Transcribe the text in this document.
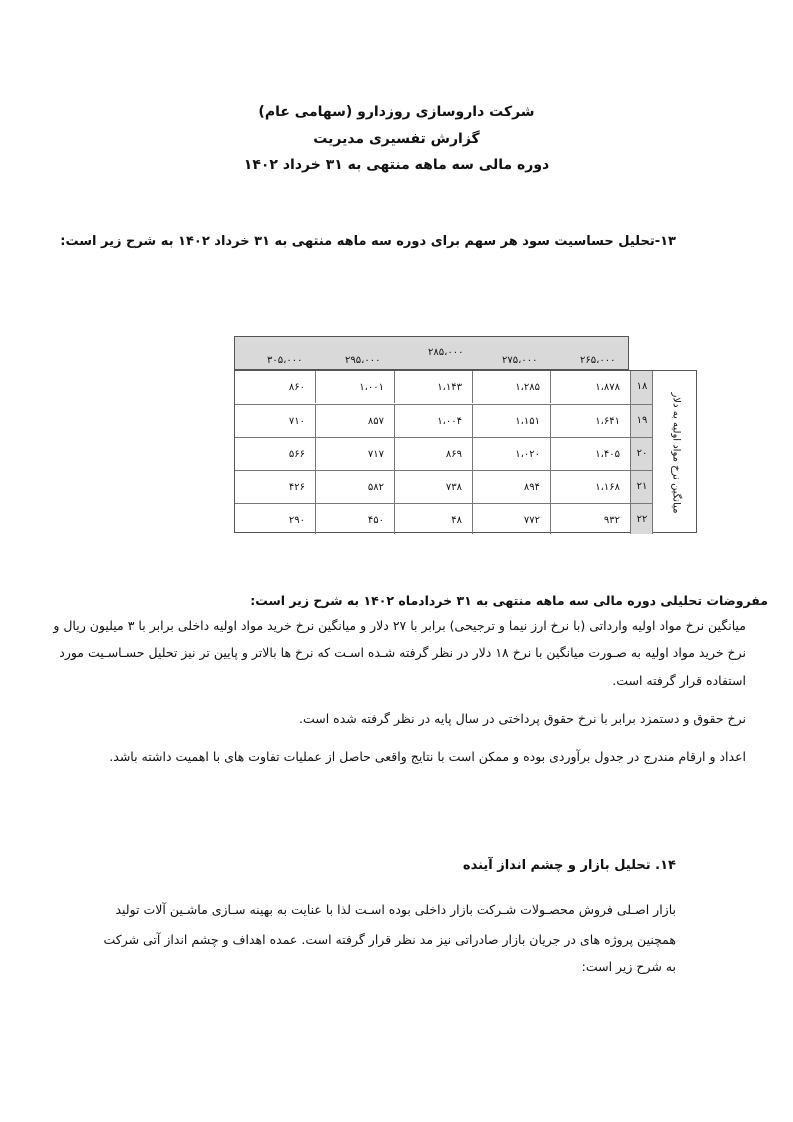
شرکت داروسازی روزدارو (سهامی عام)
گزارش تفسیری مدیریت
دوره مالی سه ماهه منتهی به ۳۱ خرداد ۱۴۰۲
۱۳-تحلیل حساسیت سود هر سهم برای دوره سه ماهه منتهی به ۳۱ خرداد ۱۴۰۲ به شرح زیر است:
۲۶۵،۰۰۰
۲۷۵،۰۰۰
۲۸۵،۰۰۰
۲۹۵،۰۰۰
۳۰۵،۰۰۰
۱،۸۷۸
۱،۲۸۵
۱،۱۴۳
۱،۰۰۱
۸۶۰
۱،۶۴۱
۱،۱۵۱
۱،۰۰۴
۸۵۷
۷۱۰
۱،۴۰۵
۱،۰۲۰
۸۶۹
۷۱۷
۵۶۶
۱،۱۶۸
۸۹۴
۷۳۸
۵۸۲
۴۲۶
۹۳۲
۷۷۲
۴۸
۴۵۰
۲۹۰
۱۸
۱۹
۲۰
۲۱
۲۲
میانگین نرخ مواد اولیه به دلار
مفروضات تحلیلی دوره مالی سه ماهه منتهی به ۳۱ خردادماه ۱۴۰۲ به شرح زیر است:
میانگین نرخ مواد اولیه وارداتی (با نرخ ارز نیما و ترجیحی) برابر با ۲۷ دلار و میانگین نرخ خرید مواد اولیه داخلی برابر با ۳ میلیون ریال و
نرخ خرید مواد اولیه به صـورت میانگین با نرخ ۱۸ دلار در نظر گرفته شـده اسـت که نرخ ها بالاتر و پایین تر نیز تحلیل حسـاسـیت مورد
استفاده قرار گرفته است.
نرخ حقوق و دستمزد برابر با نرخ حقوق پرداختی در سال پایه در نظر گرفته شده است.
اعداد و ارقام مندرج در جدول برآوردی بوده و ممکن است با نتایج واقعی حاصل از عملیات تفاوت های با اهمیت داشته باشد.
۱۴. تحلیل بازار و چشم انداز آینده
بازار اصـلی فروش محصـولات شـرکت بازار داخلی بوده اسـت لذا با عنایت به بهینه سـازی ماشـین آلات تولید
همچنین پروژه های در جریان بازار صادراتی نیز مد نظر قرار گرفته است. عمده اهداف و چشم انداز آتی شرکت
به شرح زیر است:
